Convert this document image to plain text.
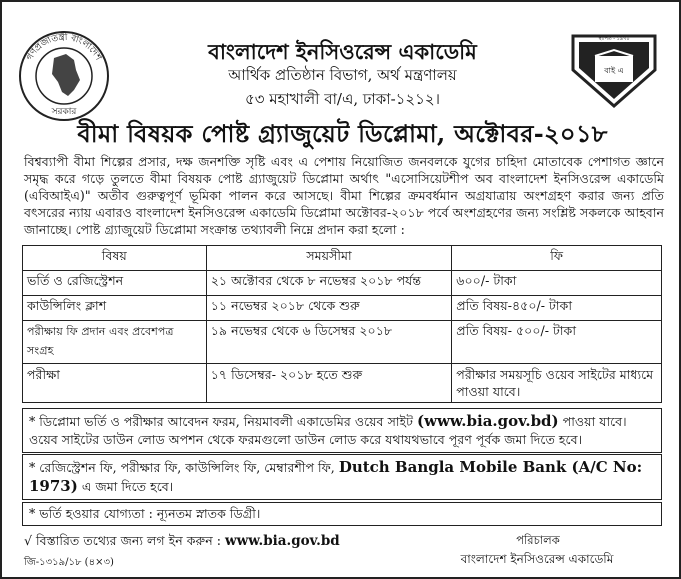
গণপ্রজাতন্ত্রী বাংলাদেশ
সরকার
বাই এ
স্থাপিত - ১৯৭০
বাংলাদেশ ইনসিওরেন্স একাডেমি
আর্থিক প্রতিষ্ঠান বিভাগ, অর্থ মন্ত্রণালয়
৫৩ মহাখালী বা/এ, ঢাকা-১২১২।
বীমা বিষয়ক পোষ্ট গ্র্যাজুয়েট ডিপ্লোমা, অক্টোবর-২০১৮
বিশ্বব্যাপী বীমা শিল্পের প্রসার, দক্ষ জনশক্তি সৃষ্টি এবং এ পেশায় নিয়োজিত জনবলকে যুগের চাহিদা মোতাবেক পেশাগত জ্ঞানে সমৃদ্ধ করে গড়ে তুলতে বীমা বিষয়ক পোষ্ট গ্র্যাজুয়েট ডিপ্লোমা অর্থাৎ "এসোসিয়েটশীপ অব বাংলাদেশ ইনসিওরেন্স একাডেমি (এবিআইএ)" অতীব গুরুত্বপূর্ণ ভূমিকা পালন করে আসছে। বীমা শিল্পের ক্রমবর্ধমান অগ্রযাত্রায় অংশগ্রহণ করার জন্য প্রতি বৎসরের ন্যায় এবারও বাংলাদেশ ইনসিওরেন্স একাডেমি ডিপ্লোমা অক্টোবর-২০১৮ পর্বে অংশগ্রহণের জন্য সংশ্লিষ্ট সকলকে আহবান জানাচ্ছে। পোষ্ট গ্র্যাজুয়েট ডিপ্লোমা সংক্রান্ত তথ্যাবলী নিম্নে প্রদান করা হলো :
বিষয়	সময়সীমা	ফি
ভর্তি ও রেজিস্ট্রেশন	২১ অক্টোবর থেকে ৮ নভেম্বর ২০১৮ পর্যন্ত	৬০০/- টাকা
কাউন্সিলিং ক্লাশ	১১ নভেম্বর ২০১৮ থেকে শুরু	প্রতি বিষয়-৪৫০/- টাকা
পরীক্ষায় ফি প্রদান এবং প্রবেশপত্র সংগ্রহ	১৯ নভেম্বর থেকে ৬ ডিসেম্বর ২০১৮	প্রতি বিষয়- ৫০০/- টাকা
পরীক্ষা	১৭ ডিসেম্বর- ২০১৮ হতে শুরু	পরীক্ষার সময়সূচি ওয়েব সাইটের মাধ্যমে পাওয়া যাবে।
* ডিপ্লোমা ভর্তি ও পরীক্ষার আবেদন ফরম, নিয়মাবলী একাডেমির ওয়েব সাইট (www.bia.gov.bd) পাওয়া যাবে। ওয়েব সাইটের ডাউন লোড অপশন থেকে ফরমগুলো ডাউন লোড করে যথাযথভাবে পূরণ পূর্বক জমা দিতে হবে।
* রেজিস্ট্রেশন ফি, পরীক্ষার ফি, কাউন্সিলিং ফি, মেম্বারশীপ ফি, Dutch Bangla Mobile Bank (A/C No: 1973) এ জমা দিতে হবে।
* ভর্তি হওয়ার যোগ্যতা : ন্যূনতম স্নাতক ডিগ্রী।
√ বিস্তারিত তথ্যের জন্য লগ ইন করুন : www.bia.gov.bd
জি-১৩১৯/১৮ (৪×৩)
পরিচালক
বাংলাদেশ ইনসিওরেন্স একাডেমি
